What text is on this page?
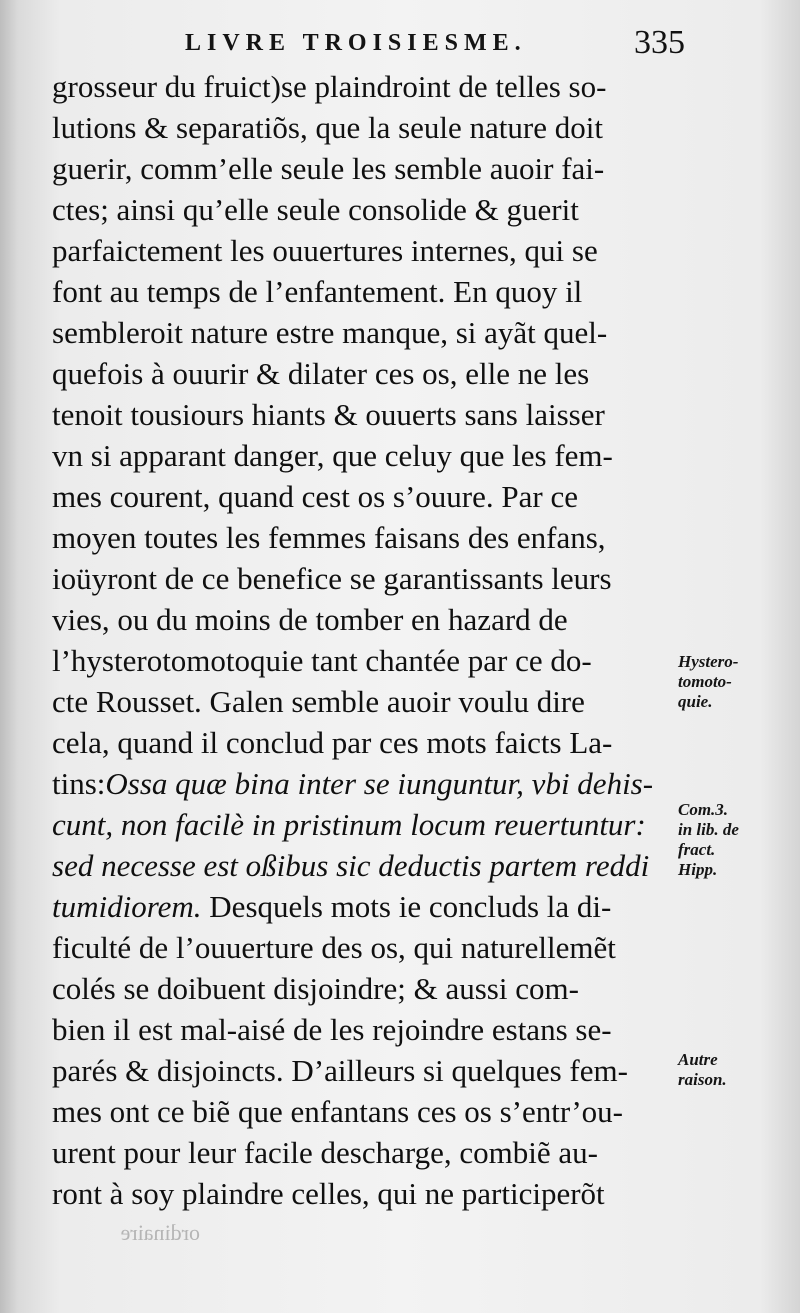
LIVRE TROISIESME.	335
grosseur du fruict)se plaindroint de telles so-
lutions & separatiõs, que la seule nature doit
guerir, comm’elle seule les semble auoir fai-
ctes; ainsi qu’elle seule consolide & guerit
parfaictement les ouuertures internes, qui se
font au temps de l’enfantement. En quoy il
sembleroit nature estre manque, si ayãt quel-
quefois à ouurir & dilater ces os, elle ne les
tenoit tousiours hiants & ouuerts sans laisser
vn si apparant danger, que celuy que les fem-
mes courent, quand cest os s’ouure. Par ce
moyen toutes les femmes faisans des enfans,
ioüyront de ce benefice se garantissants leurs
vies, ou du moins de tomber en hazard de
l’hysterotomotoquie tant chantée par ce do-
cte Rousset. Galen semble auoir voulu dire
cela, quand il conclud par ces mots faicts La-
tins:Ossa quæ bina inter se iunguntur, vbi dehis-
cunt, non facilè in pristinum locum reuertuntur:
sed necesse est oßibus sic deductis partem reddi
tumidiorem. Desquels mots ie concluds la di-
ficulté de l’ouuerture des os, qui naturellemẽt
colés se doibuent disjoindre; & aussi com-
bien il est mal-aisé de les rejoindre estans se-
parés & disjoincts. D’ailleurs si quelques fem-
mes ont ce biẽ que enfantans ces os s’entr’ou-
urent pour leur facile descharge, combiẽ au-
ront à soy plaindre celles, qui ne participerõt
Hystero-
tomoto-
quie.
Com.3.
in lib. de
fract.
Hipp.
Autre
raison.
ordinaire
